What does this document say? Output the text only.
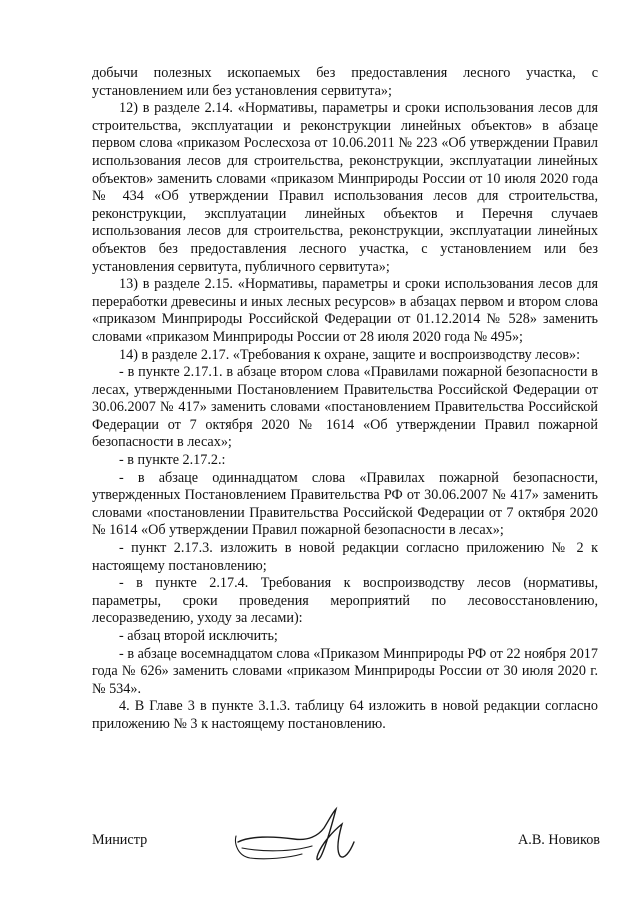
добычи полезных ископаемых без предоставления лесного участка, с установлением или без установления сервитута»;

12) в разделе 2.14. «Нормативы, параметры и сроки использования лесов для строительства, эксплуатации и реконструкции линейных объектов» в абзаце первом слова «приказом Рослесхоза от 10.06.2011 № 223 «Об утверждении Правил использования лесов для строительства, реконструкции, эксплуатации линейных объектов» заменить словами «приказом Минприроды России от 10 июля 2020 года № 434 «Об утверждении Правил использования лесов для строительства, реконструкции, эксплуатации линейных объектов и Перечня случаев использования лесов для строительства, реконструкции, эксплуатации линейных объектов без предоставления лесного участка, с установлением или без установления сервитута, публичного сервитута»;

13) в разделе 2.15. «Нормативы, параметры и сроки использования лесов для переработки древесины и иных лесных ресурсов» в абзацах первом и втором слова «приказом Минприроды Российской Федерации от 01.12.2014 № 528» заменить словами «приказом Минприроды России от 28 июля 2020 года № 495»;

14) в разделе 2.17. «Требования к охране, защите и воспроизводству лесов»:

- в пункте 2.17.1. в абзаце втором слова «Правилами пожарной безопасности в лесах, утвержденными Постановлением Правительства Российской Федерации от 30.06.2007 № 417» заменить словами «постановлением Правительства Российской Федерации от 7 октября 2020 № 1614 «Об утверждении Правил пожарной безопасности в лесах»;

- в пункте 2.17.2.:

- в абзаце одиннадцатом слова «Правилах пожарной безопасности, утвержденных Постановлением Правительства РФ от 30.06.2007 № 417» заменить словами «постановлении Правительства Российской Федерации от 7 октября 2020 № 1614 «Об утверждении Правил пожарной безопасности в лесах»;

- пункт 2.17.3. изложить в новой редакции согласно приложению № 2 к настоящему постановлению;

- в пункте 2.17.4. Требования к воспроизводству лесов (нормативы, параметры, сроки проведения мероприятий по лесовосстановлению, лесоразведению, уходу за лесами):

- абзац второй исключить;

- в абзаце восемнадцатом слова «Приказом Минприроды РФ от 22 ноября 2017 года № 626» заменить словами «приказом Минприроды России от 30 июля 2020 г. № 534».

4. В Главе 3 в пункте 3.1.3. таблицу 64 изложить в новой редакции согласно приложению № 3 к настоящему постановлению.

Министр	А.В. Новиков
